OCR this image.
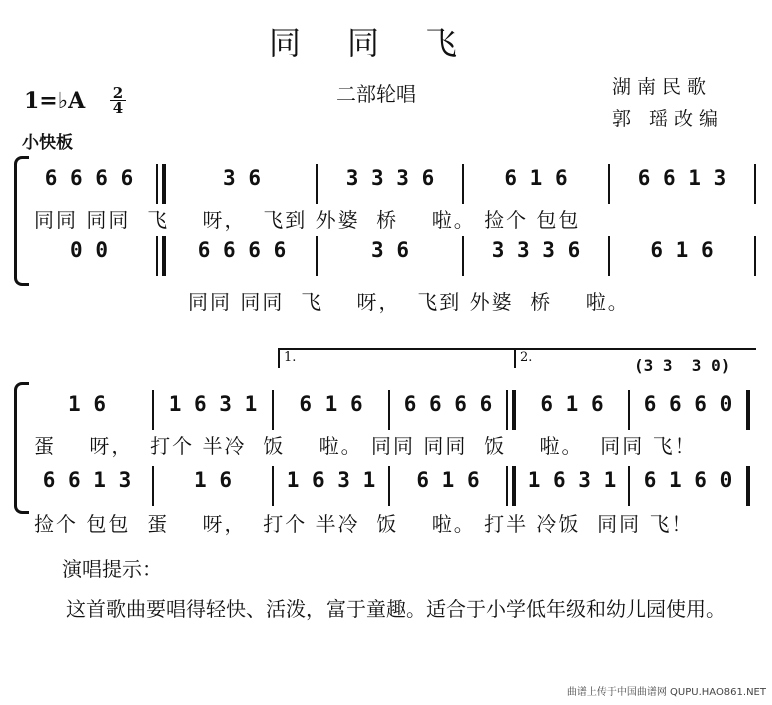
同同飞
二部轮唱	湖南民歌
郭 瑶改编
1=♭A 2
4
小快板
6 6 6 6	3 6	3 3 3 6	6 1 6	6 6 1 3
同同 同同  飞    呀，  飞到 外婆  桥    啦。 捡个 包包
0 0	6 6 6 6	3 6	3 3 3 6	6 1 6
同同 同同  飞    呀，  飞到 外婆  桥    啦。
1.	2.	(3 3  3 0)
1 6	1 6 3 1	6 1 6	6 6 6 6	6 1 6	6 6 6 0
蛋    呀，  打个 半冷  饭    啦。 同同 同同  饭    啦。  同同 飞！
6 6 1 3	1 6	1 6 3 1	6 1 6	1 6 3 1	6 1 6 0
捡个 包包  蛋    呀，  打个 半冷  饭    啦。 打半 冷饭  同同 飞！
演唱提示：
这首歌曲要唱得轻快、活泼，富于童趣。适合于小学低年级和幼儿园使用。
曲谱上传于中国曲谱网 QUPU.HAO861.NET
